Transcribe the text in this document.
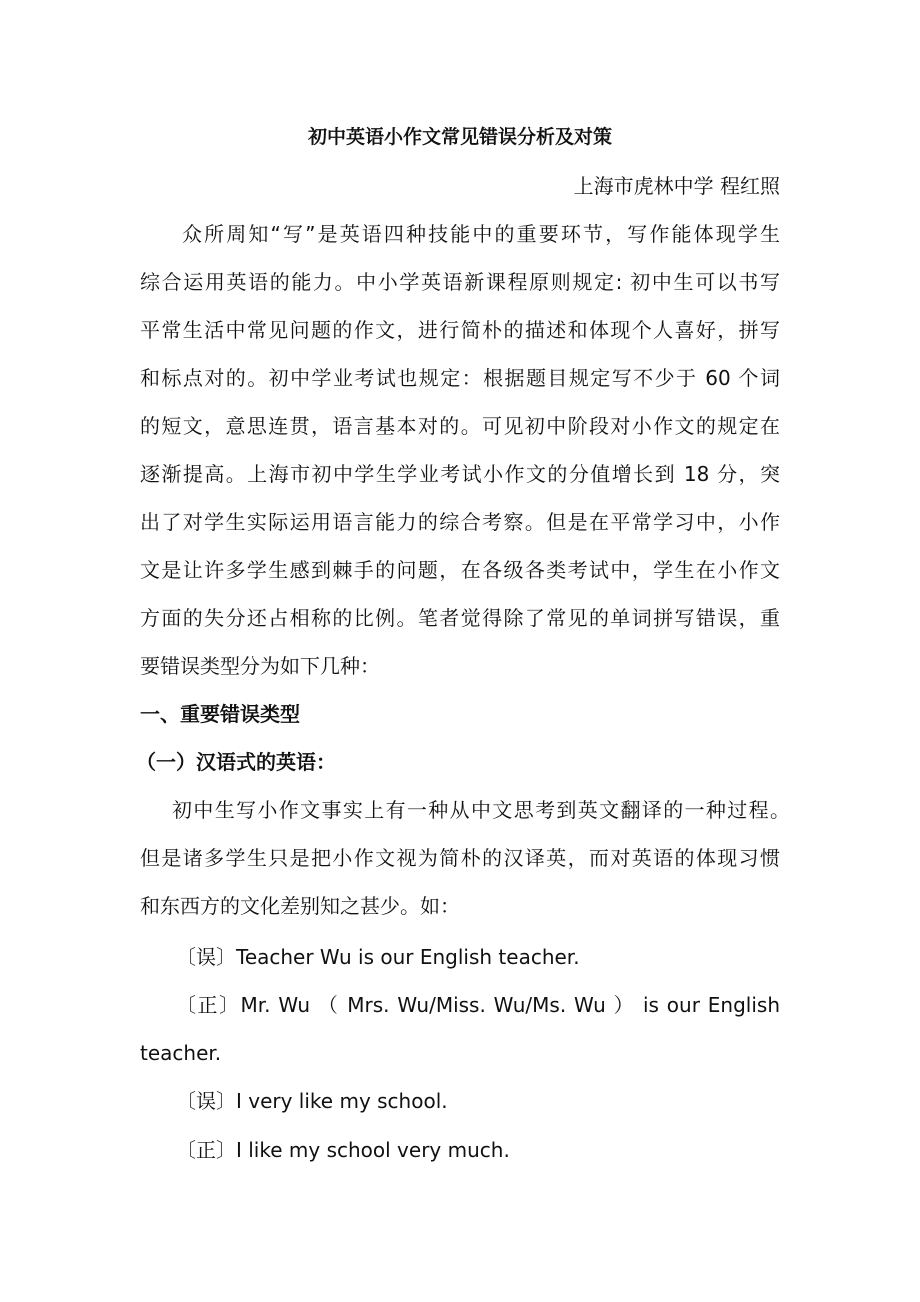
初中英语小作文常见错误分析及对策
上海市虎林中学 程红照
众所周知“写”是英语四种技能中的重要环节，写作能体现学生
综合运用英语的能力。中小学英语新课程原则规定: 初中生可以书写
平常生活中常见问题的作文，进行简朴的描述和体现个人喜好，拼写
和标点对的。初中学业考试也规定：根据题目规定写不少于 60 个词
的短文，意思连贯，语言基本对的。可见初中阶段对小作文的规定在
逐渐提高。上海市初中学生学业考试小作文的分值增长到 18 分，突
出了对学生实际运用语言能力的综合考察。但是在平常学习中，小作
文是让许多学生感到棘手的问题，在各级各类考试中，学生在小作文
方面的失分还占相称的比例。笔者觉得除了常见的单词拼写错误，重
要错误类型分为如下几种：
一、重要错误类型
（一）汉语式的英语：
初中生写小作文事实上有一种从中文思考到英文翻译的一种过程。
但是诸多学生只是把小作文视为简朴的汉译英，而对英语的体现习惯
和东西方的文化差别知之甚少。如：
〔误〕Teacher Wu is our English teacher.
〔正〕Mr. Wu （ Mrs. Wu/Miss. Wu/Ms. Wu ） is our English
teacher.
〔误〕I very like my school.
〔正〕I like my school very much.
